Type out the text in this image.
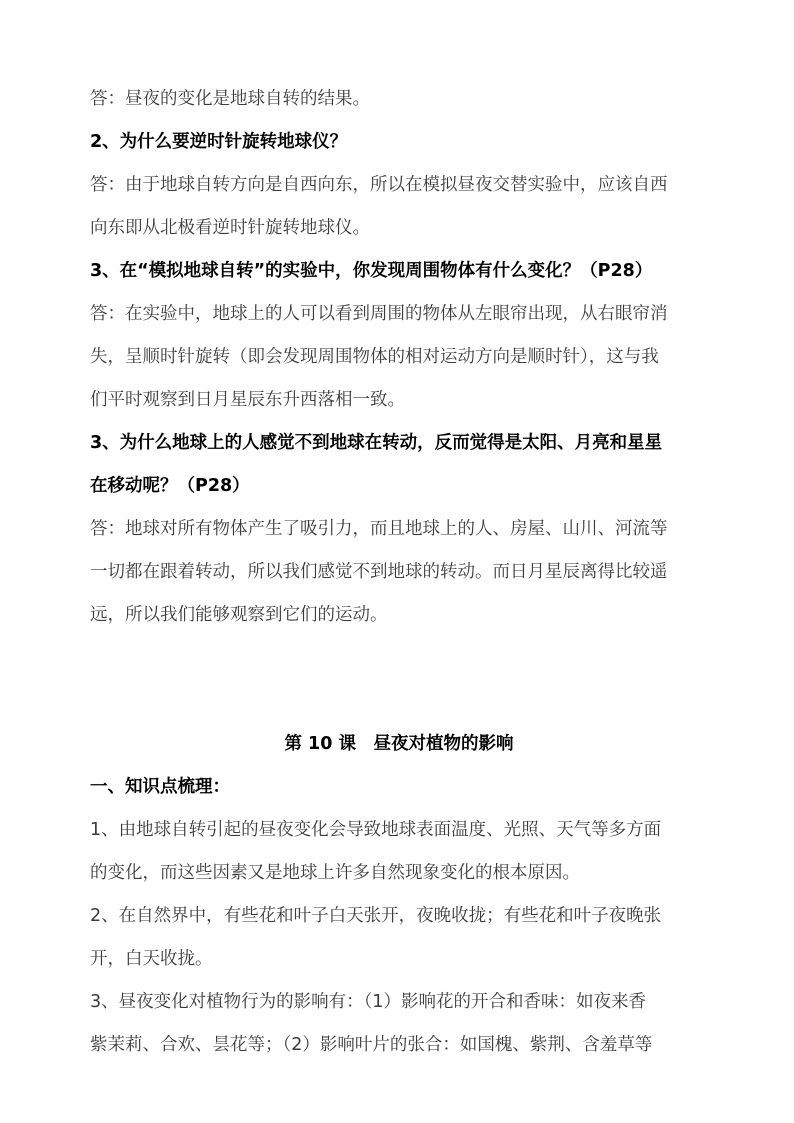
答：昼夜的变化是地球自转的结果。
2、为什么要逆时针旋转地球仪？
答：由于地球自转方向是自西向东，所以在模拟昼夜交替实验中，应该自西
向东即从北极看逆时针旋转地球仪。
3、在“模拟地球自转”的实验中，你发现周围物体有什么变化？（P28）
答：在实验中，地球上的人可以看到周围的物体从左眼帘出现，从右眼帘消
失，呈顺时针旋转（即会发现周围物体的相对运动方向是顺时针），这与我
们平时观察到日月星辰东升西落相一致。
3、为什么地球上的人感觉不到地球在转动，反而觉得是太阳、月亮和星星
在移动呢？（P28）
答：地球对所有物体产生了吸引力，而且地球上的人、房屋、山川、河流等
一切都在跟着转动，所以我们感觉不到地球的转动。而日月星辰离得比较遥
远，所以我们能够观察到它们的运动。
第 10 课　昼夜对植物的影响
一、知识点梳理：
1、由地球自转引起的昼夜变化会导致地球表面温度、光照、天气等多方面
的变化，而这些因素又是地球上许多自然现象变化的根本原因。
2、在自然界中，有些花和叶子白天张开，夜晚收拢；有些花和叶子夜晚张
开，白天收拢。
3、昼夜变化对植物行为的影响有：（1）影响花的开合和香味：如夜来香
紫茉莉、合欢、昙花等；（2）影响叶片的张合：如国槐、紫荆、含羞草等
